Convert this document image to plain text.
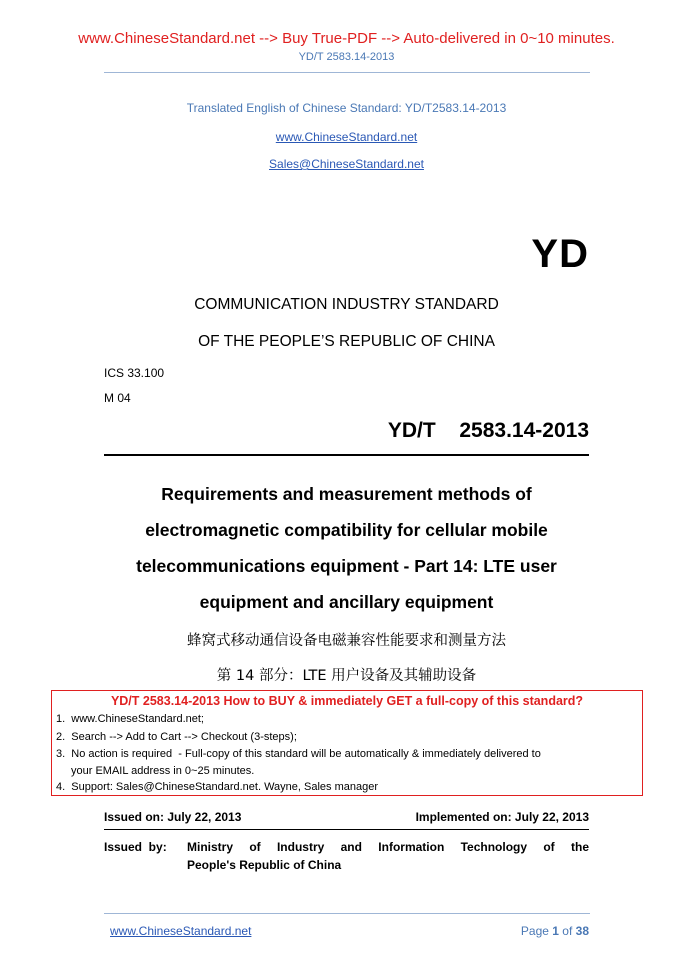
www.ChineseStandard.net --> Buy True-PDF --> Auto-delivered in 0~10 minutes.
YD/T 2583.14-2013
Translated English of Chinese Standard: YD/T2583.14-2013
www.ChineseStandard.net
Sales@ChineseStandard.net
YD
COMMUNICATION INDUSTRY STANDARD
OF THE PEOPLE’S REPUBLIC OF CHINA
ICS 33.100
M 04
YD/T  2583.14-2013
Requirements and measurement methods of
electromagnetic compatibility for cellular mobile
telecommunications equipment - Part 14: LTE user
equipment and ancillary equipment
蜂窝式移动通信设备电磁兼容性能要求和测量方法
第 14 部分：LTE 用户设备及其辅助设备
YD/T 2583.14-2013 How to BUY & immediately GET a full-copy of this standard?
1.  www.ChineseStandard.net;
2.  Search --> Add to Cart --> Checkout (3-steps);
3.  No action is required  - Full-copy of this standard will be automatically & immediately delivered to
your EMAIL address in 0~25 minutes.
4.  Support: Sales@ChineseStandard.net. Wayne, Sales manager
Issued on: July 22, 2013	Implemented on: July 22, 2013
Issued  by: Ministry of Industry and Information Technology of the
People's Republic of China
www.ChineseStandard.net	Page 1 of 38
